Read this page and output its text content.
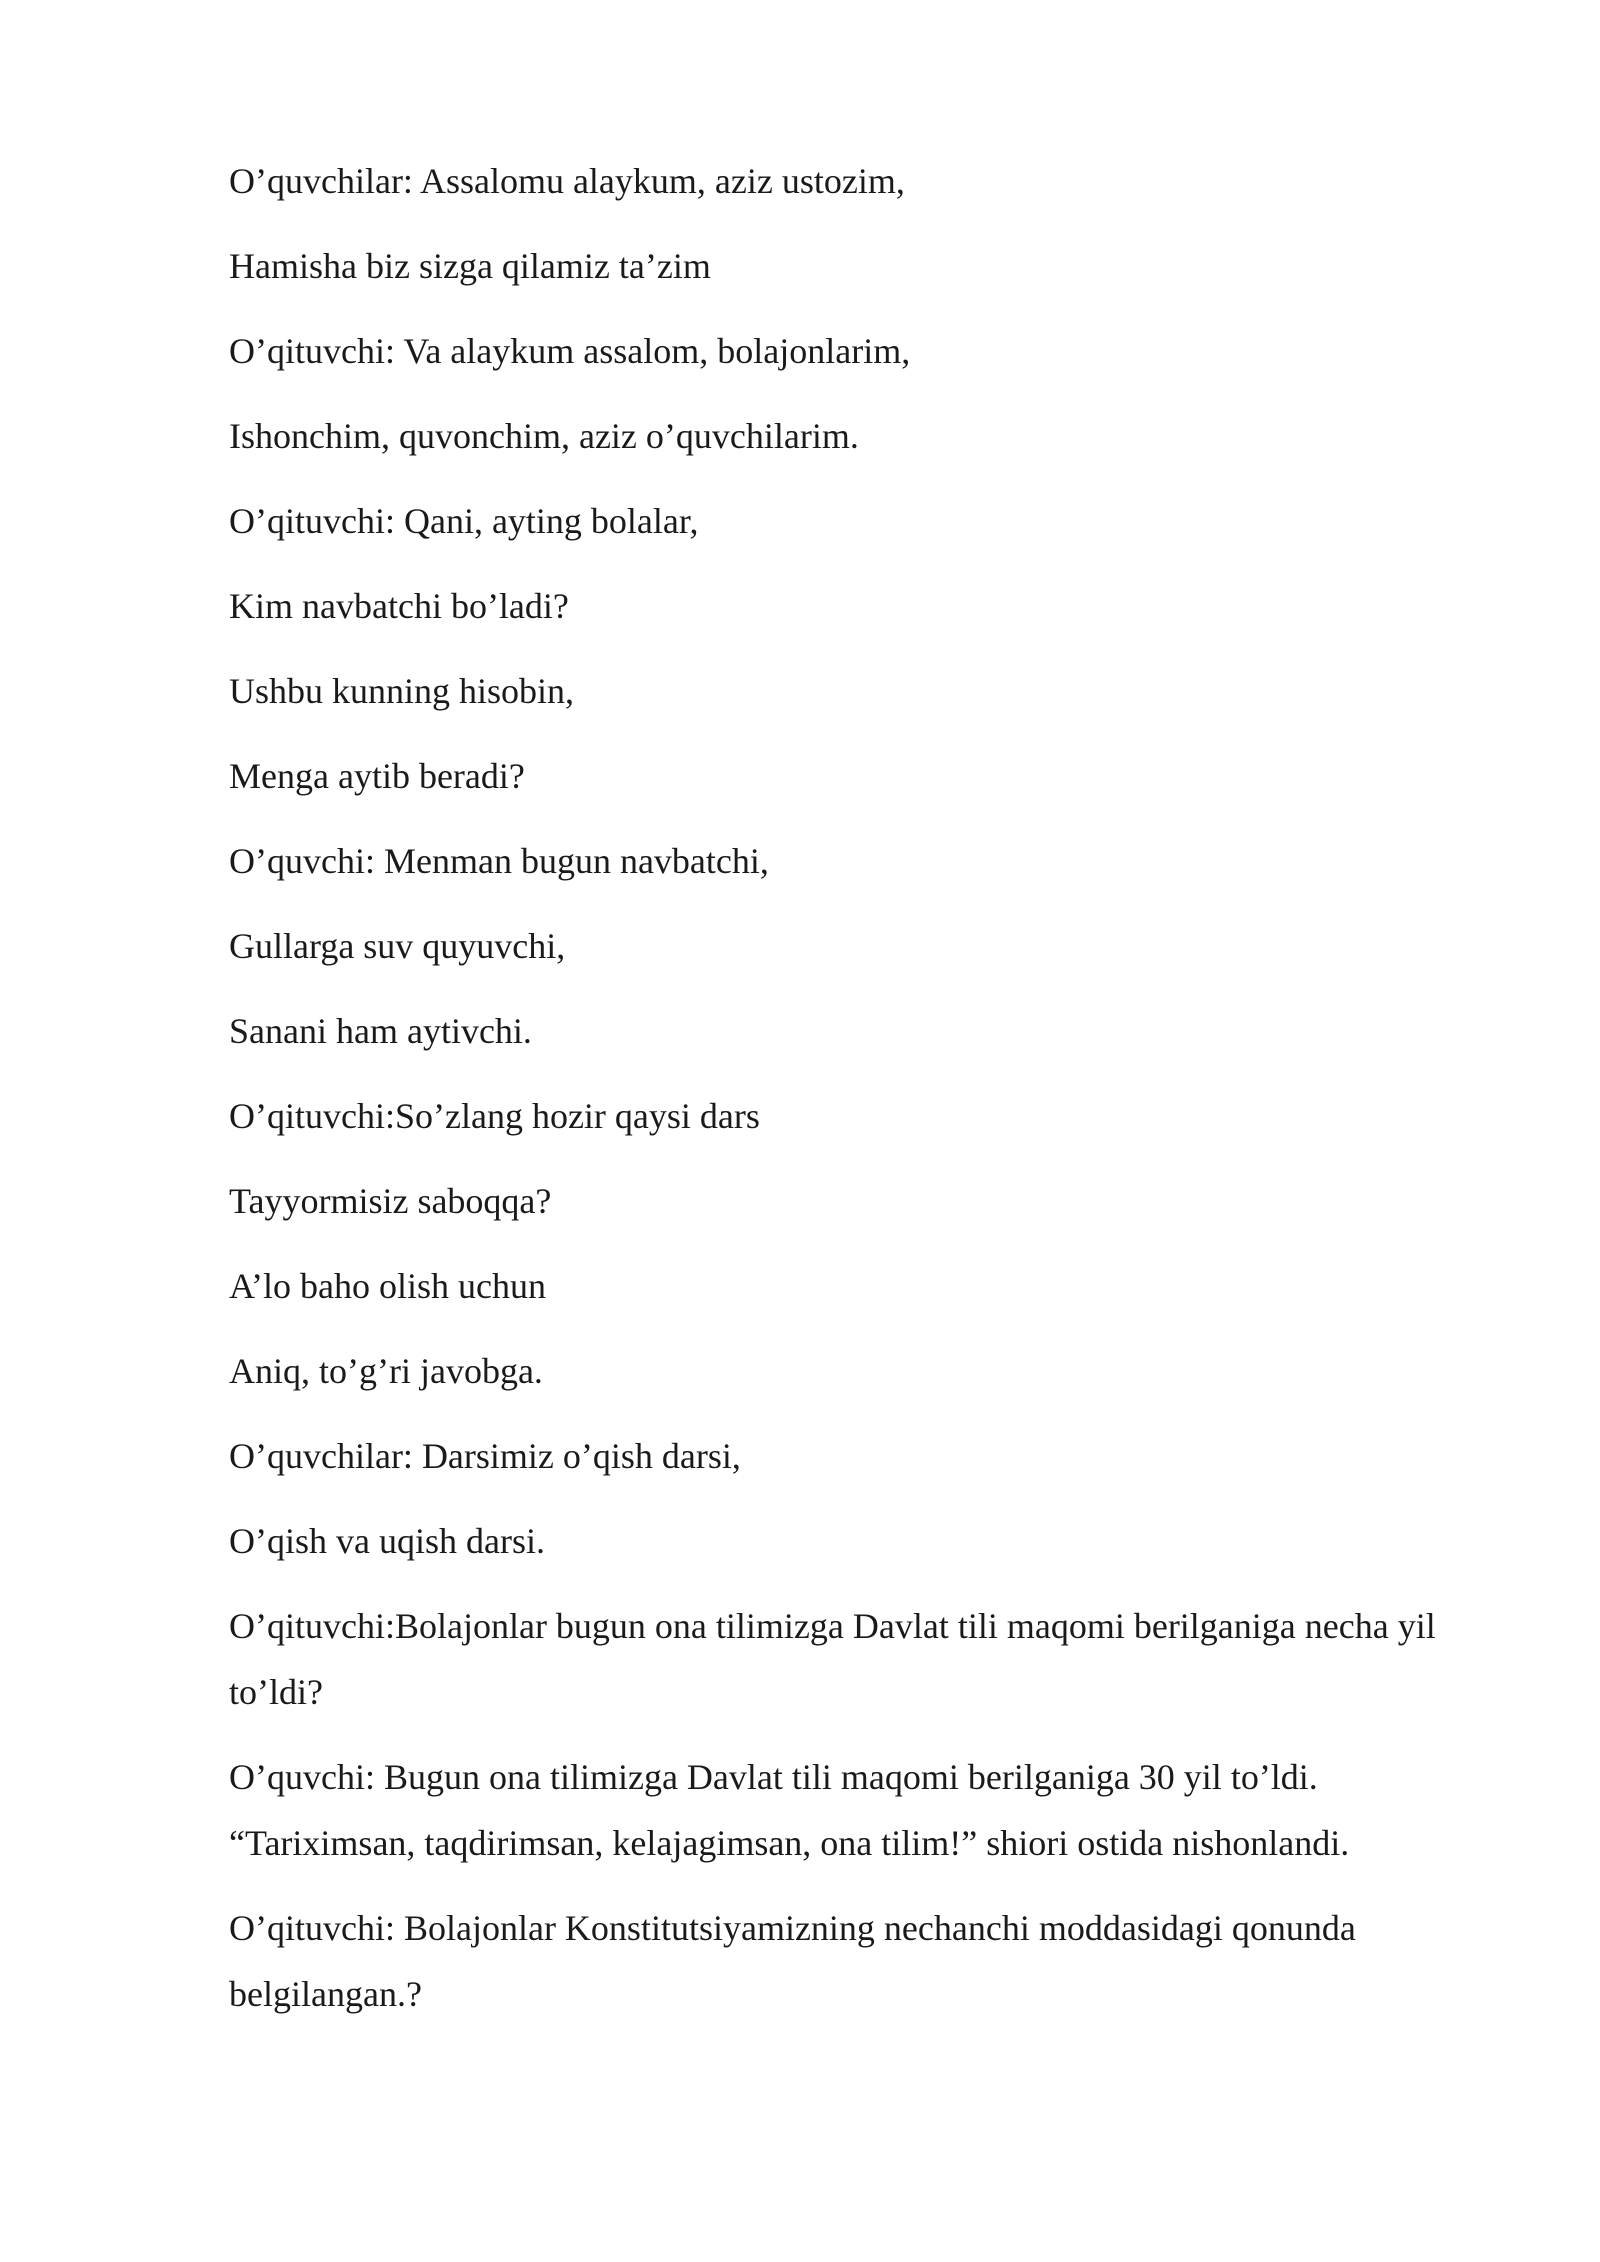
O’quvchilar: Assalomu alaykum, aziz ustozim,

Hamisha biz sizga qilamiz ta’zim

O’qituvchi: Va alaykum assalom, bolajonlarim,

Ishonchim, quvonchim, aziz o’quvchilarim.

O’qituvchi: Qani, ayting bolalar,

Kim navbatchi bo’ladi?

Ushbu kunning hisobin,

Menga aytib beradi?

O’quvchi: Menman bugun navbatchi,

Gullarga suv quyuvchi,

Sanani ham aytivchi.

O’qituvchi:So’zlang hozir qaysi dars

Tayyormisiz saboqqa?

A’lo baho olish uchun

Aniq, to’g’ri javobga.

O’quvchilar: Darsimiz o’qish darsi,

O’qish va uqish darsi.

O’qituvchi:Bolajonlar bugun ona tilimizga Davlat tili maqomi berilganiga necha yil to’ldi?

O’quvchi: Bugun ona tilimizga Davlat tili maqomi berilganiga 30 yil to’ldi. “Tariximsan, taqdirimsan, kelajagimsan, ona tilim!” shiori ostida nishonlandi.

O’qituvchi: Bolajonlar Konstitutsiyamizning nechanchi moddasidagi qonunda belgilangan.?
